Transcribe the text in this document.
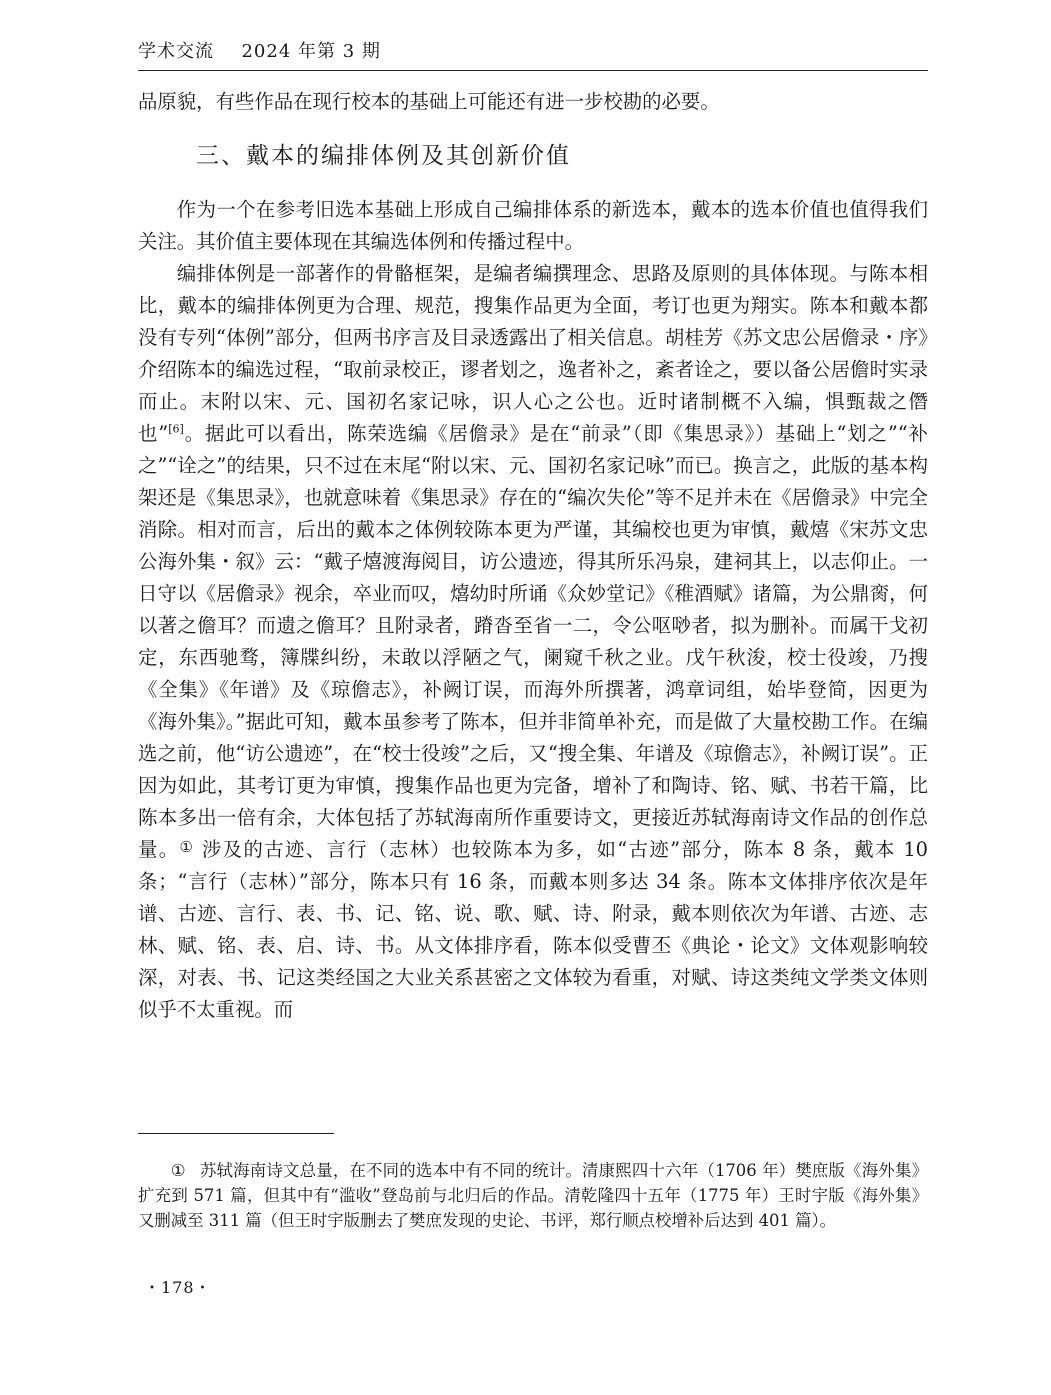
学术交流 2024 年第 3 期

品原貌，有些作品在现行校本的基础上可能还有进一步校勘的必要。

三、戴本的编排体例及其创新价值

作为一个在参考旧选本基础上形成自己编排体系的新选本，戴本的选本价值也值得我们关注。其价值主要体现在其编选体例和传播过程中。

编排体例是一部著作的骨骼框架，是编者编撰理念、思路及原则的具体体现。与陈本相比，戴本的编排体例更为合理、规范，搜集作品更为全面，考订也更为翔实。陈本和戴本都没有专列“体例”部分，但两书序言及目录透露出了相关信息。胡桂芳《苏文忠公居儋录・序》介绍陈本的编选过程，“取前录校正，谬者划之，逸者补之，紊者诠之，要以备公居儋时实录而止。末附以宋、元、国初名家记咏，识人心之公也。近时诸制概不入编，惧甄裁之僭也”[6]。据此可以看出，陈荣选编《居儋录》是在“前录”（即《集思录》）基础上“划之”“补之”“诠之”的结果，只不过在末尾“附以宋、元、国初名家记咏”而已。换言之，此版的基本构架还是《集思录》，也就意味着《集思录》存在的“编次失伦”等不足并未在《居儋录》中完全消除。相对而言，后出的戴本之体例较陈本更为严谨，其编校也更为审慎，戴熺《宋苏文忠公海外集・叙》云：“戴子熺渡海阅目，访公遗迹，得其所乐冯泉，建祠其上，以志仰止。一日守以《居儋录》视余，卒业而叹，熺幼时所诵《众妙堂记》《稚酒赋》诸篇，为公鼎脔，何以著之儋耳？而遗之儋耳？且附录者，蹐沓至省一二，令公呕唦者，拟为删补。而属干戈初定，东西驰骛，簿牒纠纷，未敢以浮陋之气，阑窥千秋之业。戊午秋浚，校士役竣，乃搜《全集》《年谱》及《琼儋志》，补阙订误，而海外所撰著，鸿章词组，始毕登简，因更为《海外集》。”据此可知，戴本虽参考了陈本，但并非简单补充，而是做了大量校勘工作。在编选之前，他“访公遗迹”，在“校士役竣”之后，又“搜全集、年谱及《琼儋志》，补阙订误”。正因为如此，其考订更为审慎，搜集作品也更为完备，增补了和陶诗、铭、赋、书若干篇，比陈本多出一倍有余，大体包括了苏轼海南所作重要诗文，更接近苏轼海南诗文作品的创作总量。① 涉及的古迹、言行（志林）也较陈本为多，如“古迹”部分，陈本 8 条，戴本 10 条；“言行（志林）”部分，陈本只有 16 条，而戴本则多达 34 条。陈本文体排序依次是年谱、古迹、言行、表、书、记、铭、说、歌、赋、诗、附录，戴本则依次为年谱、古迹、志林、赋、铭、表、启、诗、书。从文体排序看，陈本似受曹丕《典论・论文》文体观影响较深，对表、书、记这类经国之大业关系甚密之文体较为看重，对赋、诗这类纯文学类文体则似乎不太重视。而

① 苏轼海南诗文总量，在不同的选本中有不同的统计。清康熙四十六年（1706 年）樊庶版《海外集》扩充到 571 篇，但其中有“滥收”登岛前与北归后的作品。清乾隆四十五年（1775 年）王时宇版《海外集》又删减至 311 篇（但王时宇版删去了樊庶发现的史论、书评，郑行顺点校增补后达到 401 篇）。

・178・
